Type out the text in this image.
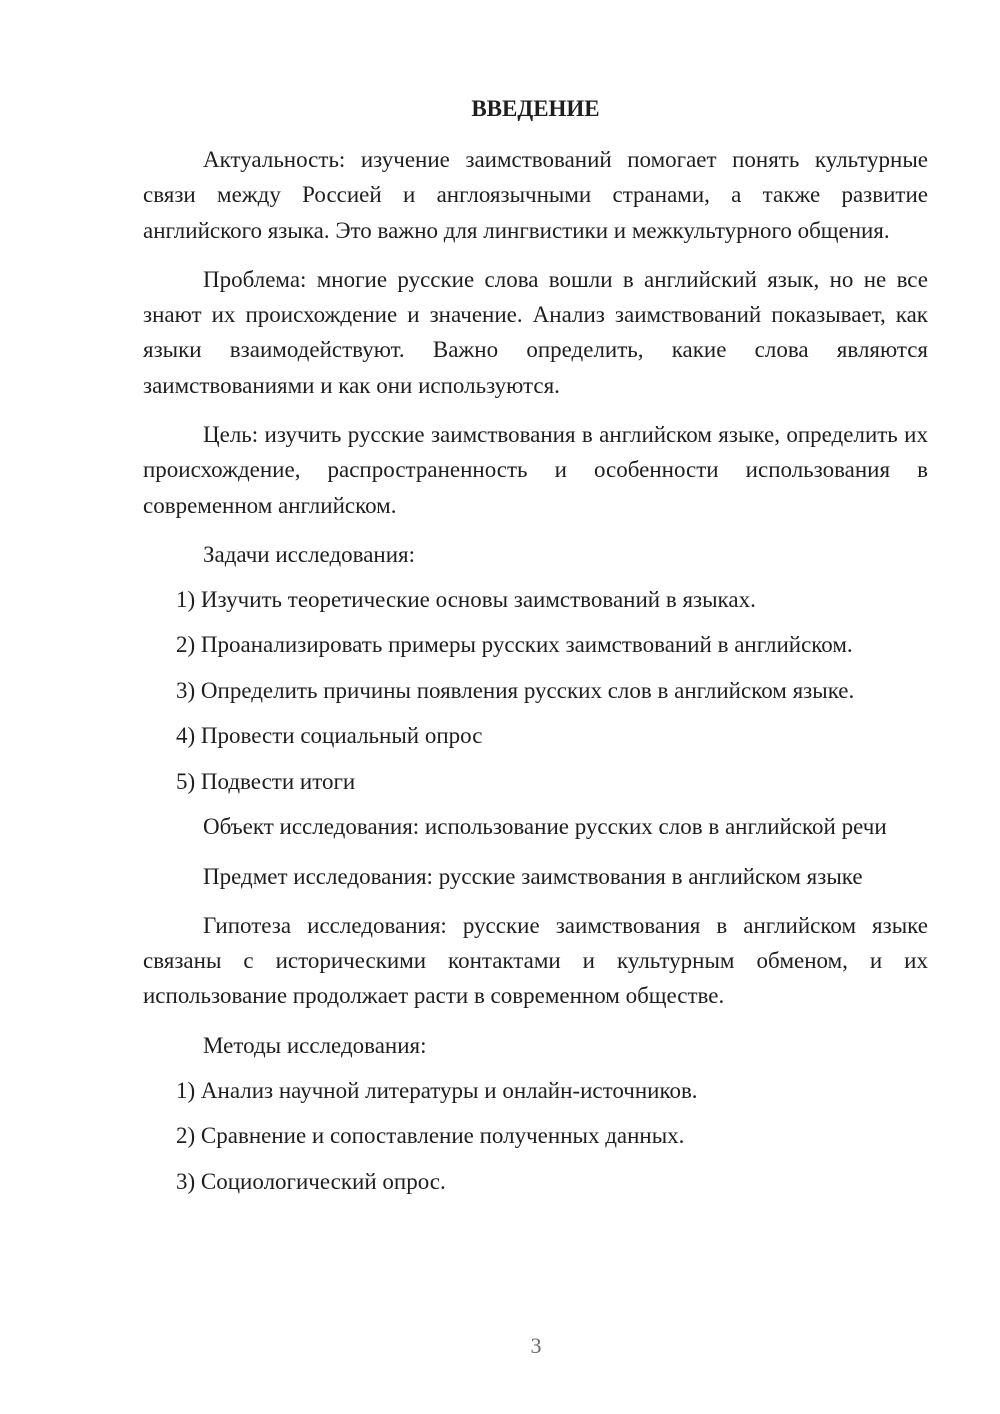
ВВЕДЕНИЕ

Актуальность: изучение заимствований помогает понять культурные связи между Россией и англоязычными странами, а также развитие английского языка. Это важно для лингвистики и межкультурного общения.

Проблема: многие русские слова вошли в английский язык, но не все знают их происхождение и значение. Анализ заимствований показывает, как языки взаимодействуют. Важно определить, какие слова являются заимствованиями и как они используются.

Цель: изучить русские заимствования в английском языке, определить их происхождение, распространенность и особенности использования в современном английском.

Задачи исследования:

1) Изучить теоретические основы заимствований в языках.
2) Проанализировать примеры русских заимствований в английском.
3) Определить причины появления русских слов в английском языке.
4) Провести социальный опрос
5) Подвести итоги

Объект исследования: использование русских слов в английской речи

Предмет исследования: русские заимствования в английском языке

Гипотеза исследования: русские заимствования в английском языке связаны с историческими контактами и культурным обменом, и их использование продолжает расти в современном обществе.

Методы исследования:

1) Анализ научной литературы и онлайн-источников.
2) Сравнение и сопоставление полученных данных.
3) Социологический опрос.
3
